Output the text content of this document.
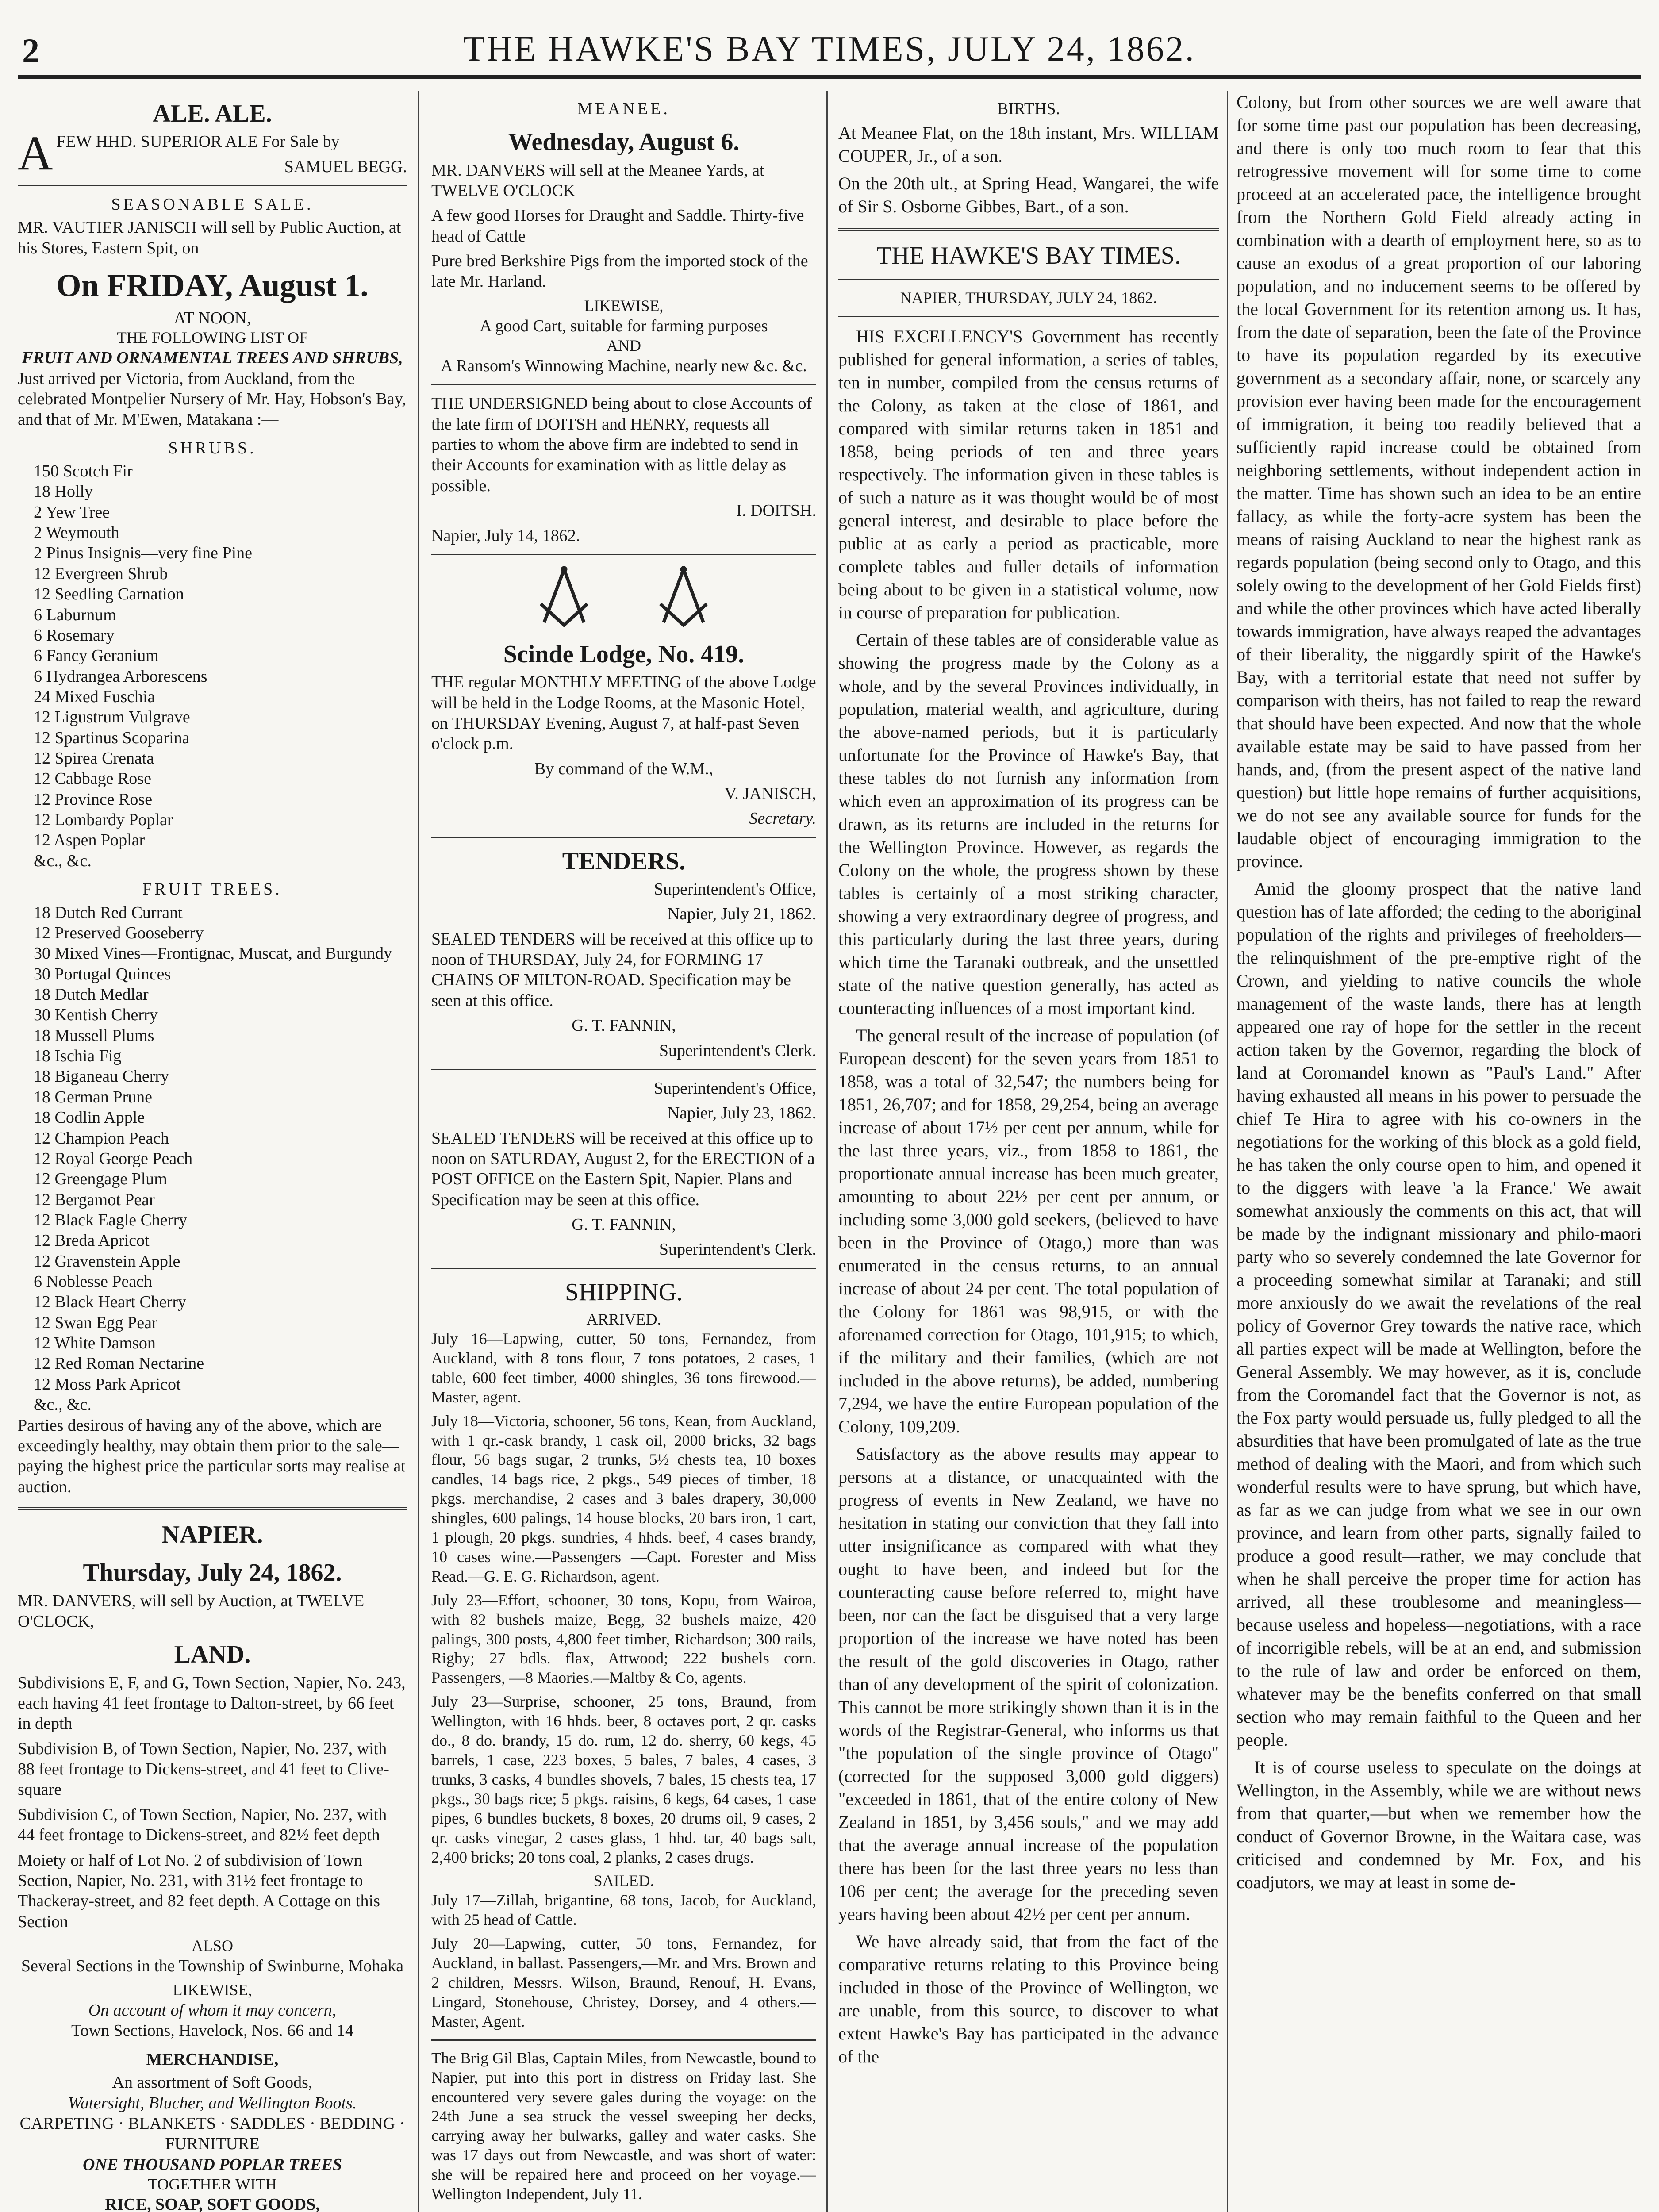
2	THE HAWKE'S BAY TIMES, JULY 24, 1862.
ALE. ALE.

AFEW HHD. SUPERIOR ALE For Sale by

SAMUEL BEGG.

SEASONABLE SALE.

MR. VAUTIER JANISCH will sell by Public Auction, at his Stores, Eastern Spit, on

On FRIDAY, August 1.
AT NOON,
THE FOLLOWING LIST OF
FRUIT AND ORNAMENTAL TREES AND SHRUBS,

Just arrived per Victoria, from Auckland, from the celebrated Montpelier Nursery of Mr. Hay, Hobson's Bay, and that of Mr. M'Ewen, Matakana :—

SHRUBS.
150 Scotch Fir
18 Holly
2 Yew Tree
2 Weymouth
2 Pinus Insignis—very fine Pine
12 Evergreen Shrub
12 Seedling Carnation
6 Laburnum
6 Rosemary
6 Fancy Geranium
6 Hydrangea Arborescens
24 Mixed Fuschia
12 Ligustrum Vulgrave
12 Spartinus Scoparina
12 Spirea Crenata
12 Cabbage Rose
12 Province Rose
12 Lombardy Poplar
12 Aspen Poplar
&c., &c.
FRUIT TREES.
18 Dutch Red Currant
12 Preserved Gooseberry
30 Mixed Vines—Frontignac, Muscat, and Burgundy
30 Portugal Quinces
18 Dutch Medlar
30 Kentish Cherry
18 Mussell Plums
18 Ischia Fig
18 Biganeau Cherry
18 German Prune
18 Codlin Apple
12 Champion Peach
12 Royal George Peach
12 Greengage Plum
12 Bergamot Pear
12 Black Eagle Cherry
12 Breda Apricot
12 Gravenstein Apple
6 Noblesse Peach
12 Black Heart Cherry
12 Swan Egg Pear
12 White Damson
12 Red Roman Nectarine
12 Moss Park Apricot
&c., &c.

Parties desirous of having any of the above, which are exceedingly healthy, may obtain them prior to the sale—paying the highest price the particular sorts may realise at auction.

NAPIER.
Thursday, July 24, 1862.

MR. DANVERS, will sell by Auction, at TWELVE O'CLOCK,

LAND.

Subdivisions E, F, and G, Town Section, Napier, No. 243, each having 41 feet frontage to Dalton-street, by 66 feet in depth

Subdivision B, of Town Section, Napier, No. 237, with 88 feet frontage to Dickens-street, and 41 feet to Clive-square

Subdivision C, of Town Section, Napier, No. 237, with 44 feet frontage to Dickens-street, and 82½ feet depth

Moiety or half of Lot No. 2 of subdivision of Town Section, Napier, No. 231, with 31½ feet frontage to Thackeray-street, and 82 feet depth. A Cottage on this Section

ALSO

Several Sections in the Township of Swinburne, Mohaka

LIKEWISE,
On account of whom it may concern,

Town Sections, Havelock, Nos. 66 and 14

MERCHANDISE,
An assortment of Soft Goods,
Watersight, Blucher, and Wellington Boots.
CARPETING · BLANKETS · SADDLES · BEDDING · FURNITURE
ONE THOUSAND POPLAR TREES
TOGETHER WITH
RICE, SOAP, SOFT GOODS,

MEANEE.
Wednesday, August 6.

MR. DANVERS will sell at the Meanee Yards, at TWELVE O'CLOCK—

A few good Horses for Draught and Saddle. Thirty-five head of Cattle

Pure bred Berkshire Pigs from the imported stock of the late Mr. Harland.

LIKEWISE,
A good Cart, suitable for farming purposes
AND
A Ransom's Winnowing Machine, nearly new &c. &c.

THE UNDERSIGNED being about to close Accounts of the late firm of DOITSH and HENRY, requests all parties to whom the above firm are indebted to send in their Accounts for examination with as little delay as possible.

I. DOITSH.

Napier, July 14, 1862.

Scinde Lodge, No. 419.

THE regular MONTHLY MEETING of the above Lodge will be held in the Lodge Rooms, at the Masonic Hotel, on THURSDAY Evening, August 7, at half-past Seven o'clock p.m.

By command of the W.M.,

V. JANISCH,

Secretary.

TENDERS.

Superintendent's Office,

Napier, July 21, 1862.

SEALED TENDERS will be received at this office up to noon of THURSDAY, July 24, for FORMING 17 CHAINS OF MILTON-ROAD. Specification may be seen at this office.

G. T. FANNIN,

Superintendent's Clerk.

Superintendent's Office,

Napier, July 23, 1862.

SEALED TENDERS will be received at this office up to noon on SATURDAY, August 2, for the ERECTION of a POST OFFICE on the Eastern Spit, Napier. Plans and Specification may be seen at this office.

G. T. FANNIN,

Superintendent's Clerk.

SHIPPING.
ARRIVED.

July 16—Lapwing, cutter, 50 tons, Fernandez, from Auckland, with 8 tons flour, 7 tons potatoes, 2 cases, 1 table, 600 feet timber, 4000 shingles, 36 tons firewood.—Master, agent.

July 18—Victoria, schooner, 56 tons, Kean, from Auckland, with 1 qr.-cask brandy, 1 cask oil, 2000 bricks, 32 bags flour, 56 bags sugar, 2 trunks, 5½ chests tea, 10 boxes candles, 14 bags rice, 2 pkgs., 549 pieces of timber, 18 pkgs. merchandise, 2 cases and 3 bales drapery, 30,000 shingles, 600 palings, 14 house blocks, 20 bars iron, 1 cart, 1 plough, 20 pkgs. sundries, 4 hhds. beef, 4 cases brandy, 10 cases wine.—Passengers —Capt. Forester and Miss Read.—G. E. G. Richardson, agent.

July 23—Effort, schooner, 30 tons, Kopu, from Wairoa, with 82 bushels maize, Begg, 32 bushels maize, 420 palings, 300 posts, 4,800 feet timber, Richardson; 300 rails, Rigby; 27 bdls. flax, Attwood; 222 bushels corn. Passengers, —8 Maories.—Maltby & Co, agents.

July 23—Surprise, schooner, 25 tons, Braund, from Wellington, with 16 hhds. beer, 8 octaves port, 2 qr. casks do., 8 do. brandy, 15 do. rum, 12 do. sherry, 60 kegs, 45 barrels, 1 case, 223 boxes, 5 bales, 7 bales, 4 cases, 3 trunks, 3 casks, 4 bundles shovels, 7 bales, 15 chests tea, 17 pkgs., 30 bags rice; 5 pkgs. raisins, 6 kegs, 64 cases, 1 case pipes, 6 bundles buckets, 8 boxes, 20 drums oil, 9 cases, 2 qr. casks vinegar, 2 cases glass, 1 hhd. tar, 40 bags salt, 2,400 bricks; 20 tons coal, 2 planks, 2 cases drugs.

SAILED.

July 17—Zillah, brigantine, 68 tons, Jacob, for Auckland, with 25 head of Cattle.

July 20—Lapwing, cutter, 50 tons, Fernandez, for Auckland, in ballast. Passengers,—Mr. and Mrs. Brown and 2 children, Messrs. Wilson, Braund, Renouf, H. Evans, Lingard, Stonehouse, Christey, Dorsey, and 4 others.—Master, Agent.

The Brig Gil Blas, Captain Miles, from Newcastle, bound to Napier, put into this port in distress on Friday last. She encountered very severe gales during the voyage: on the 24th June a sea struck the vessel sweeping her decks, carrying away her bulwarks, galley and water casks. She was 17 days out from Newcastle, and was short of water: she will be repaired here and proceed on her voyage.—Wellington Independent, July 11.

BIRTHS.

At Meanee Flat, on the 18th instant, Mrs. WILLIAM COUPER, Jr., of a son.

On the 20th ult., at Spring Head, Wangarei, the wife of Sir S. Osborne Gibbes, Bart., of a son.

THE HAWKE'S BAY TIMES.
NAPIER, THURSDAY, JULY 24, 1862.

HIS EXCELLENCY'S Government has recently published for general information, a series of tables, ten in number, compiled from the census returns of the Colony, as taken at the close of 1861, and compared with similar returns taken in 1851 and 1858, being periods of ten and three years respectively. The information given in these tables is of such a nature as it was thought would be of most general interest, and desirable to place before the public at as early a period as practicable, more complete tables and fuller details of information being about to be given in a statistical volume, now in course of preparation for publication.

Certain of these tables are of considerable value as showing the progress made by the Colony as a whole, and by the several Provinces individually, in population, material wealth, and agriculture, during the above-named periods, but it is particularly unfortunate for the Province of Hawke's Bay, that these tables do not furnish any information from which even an approximation of its progress can be drawn, as its returns are included in the returns for the Wellington Province. However, as regards the Colony on the whole, the progress shown by these tables is certainly of a most striking character, showing a very extraordinary degree of progress, and this particularly during the last three years, during which time the Taranaki outbreak, and the unsettled state of the native question generally, has acted as counteracting influences of a most important kind.

The general result of the increase of population (of European descent) for the seven years from 1851 to 1858, was a total of 32,547; the numbers being for 1851, 26,707; and for 1858, 29,254, being an average increase of about 17½ per cent per annum, while for the last three years, viz., from 1858 to 1861, the proportionate annual increase has been much greater, amounting to about 22½ per cent per annum, or including some 3,000 gold seekers, (believed to have been in the Province of Otago,) more than was enumerated in the census returns, to an annual increase of about 24 per cent. The total population of the Colony for 1861 was 98,915, or with the aforenamed correction for Otago, 101,915; to which, if the military and their families, (which are not included in the above returns), be added, numbering 7,294, we have the entire European population of the Colony, 109,209.

Satisfactory as the above results may appear to persons at a distance, or unacquainted with the progress of events in New Zealand, we have no hesitation in stating our conviction that they fall into utter insignificance as compared with what they ought to have been, and indeed but for the counteracting cause before referred to, might have been, nor can the fact be disguised that a very large proportion of the increase we have noted has been the result of the gold discoveries in Otago, rather than of any development of the spirit of colonization. This cannot be more strikingly shown than it is in the words of the Registrar-General, who informs us that "the population of the single province of Otago" (corrected for the supposed 3,000 gold diggers) "exceeded in 1861, that of the entire colony of New Zealand in 1851, by 3,456 souls," and we may add that the average annual increase of the population there has been for the last three years no less than 106 per cent; the average for the preceding seven years having been about 42½ per cent per annum.

We have already said, that from the fact of the comparative returns relating to this Province being included in those of the Province of Wellington, we are unable, from this source, to discover to what extent Hawke's Bay has participated in the advance of the

Colony, but from other sources we are well aware that for some time past our population has been decreasing, and there is only too much room to fear that this retrogressive movement will for some time to come proceed at an accelerated pace, the intelligence brought from the Northern Gold Field already acting in combination with a dearth of employment here, so as to cause an exodus of a great proportion of our laboring population, and no inducement seems to be offered by the local Government for its retention among us. It has, from the date of separation, been the fate of the Province to have its population regarded by its executive government as a secondary affair, none, or scarcely any provision ever having been made for the encouragement of immigration, it being too readily believed that a sufficiently rapid increase could be obtained from neighboring settlements, without independent action in the matter. Time has shown such an idea to be an entire fallacy, as while the forty-acre system has been the means of raising Auckland to near the highest rank as regards population (being second only to Otago, and this solely owing to the development of her Gold Fields first) and while the other provinces which have acted liberally towards immigration, have always reaped the advantages of their liberality, the niggardly spirit of the Hawke's Bay, with a territorial estate that need not suffer by comparison with theirs, has not failed to reap the reward that should have been expected. And now that the whole available estate may be said to have passed from her hands, and, (from the present aspect of the native land question) but little hope remains of further acquisitions, we do not see any available source for funds for the laudable object of encouraging immigration to the province.

Amid the gloomy prospect that the native land question has of late afforded; the ceding to the aboriginal population of the rights and privileges of freeholders—the relinquishment of the pre-emptive right of the Crown, and yielding to native councils the whole management of the waste lands, there has at length appeared one ray of hope for the settler in the recent action taken by the Governor, regarding the block of land at Coromandel known as "Paul's Land." After having exhausted all means in his power to persuade the chief Te Hira to agree with his co-owners in the negotiations for the working of this block as a gold field, he has taken the only course open to him, and opened it to the diggers with leave 'a la France.' We await somewhat anxiously the comments on this act, that will be made by the indignant missionary and philo-maori party who so severely condemned the late Governor for a proceeding somewhat similar at Taranaki; and still more anxiously do we await the revelations of the real policy of Governor Grey towards the native race, which all parties expect will be made at Wellington, before the General Assembly. We may however, as it is, conclude from the Coromandel fact that the Governor is not, as the Fox party would persuade us, fully pledged to all the absurdities that have been promulgated of late as the true method of dealing with the Maori, and from which such wonderful results were to have sprung, but which have, as far as we can judge from what we see in our own province, and learn from other parts, signally failed to produce a good result—rather, we may conclude that when he shall perceive the proper time for action has arrived, all these troublesome and meaningless—because useless and hopeless—negotiations, with a race of incorrigible rebels, will be at an end, and submission to the rule of law and order be enforced on them, whatever may be the benefits conferred on that small section who may remain faithful to the Queen and her people.

It is of course useless to speculate on the doings at Wellington, in the Assembly, while we are without news from that quarter,—but when we remember how the conduct of Governor Browne, in the Waitara case, was criticised and condemned by Mr. Fox, and his coadjutors, we may at least in some de-
